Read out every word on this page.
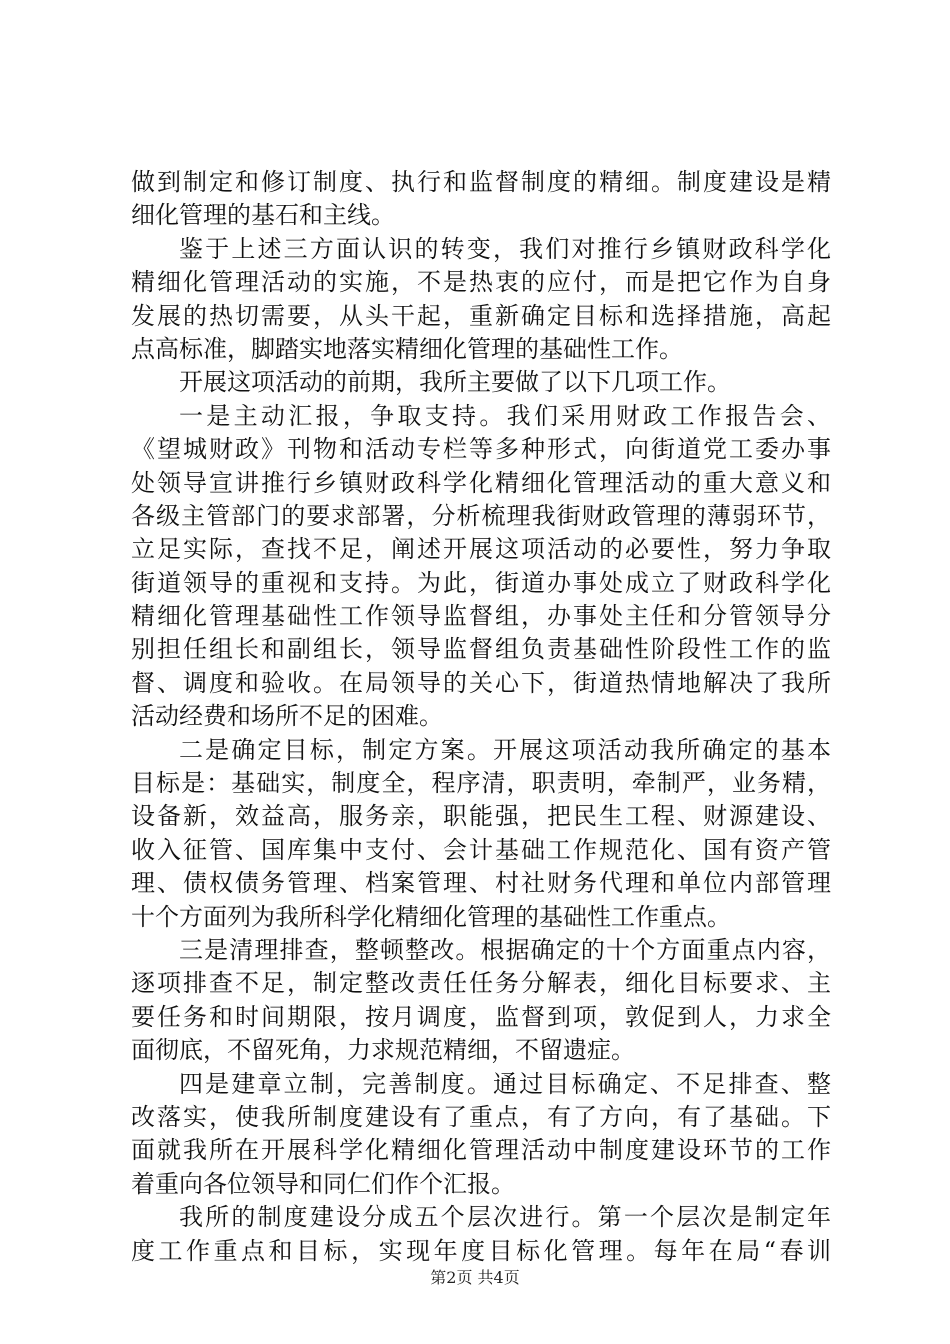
做到制定和修订制度、执行和监督制度的精细。制度建设是精
细化管理的基石和主线。
鉴于上述三方面认识的转变，我们对推行乡镇财政科学化
精细化管理活动的实施，不是热衷的应付，而是把它作为自身
发展的热切需要，从头干起，重新确定目标和选择措施，高起
点高标准，脚踏实地落实精细化管理的基础性工作。
开展这项活动的前期，我所主要做了以下几项工作。
一是主动汇报，争取支持。我们采用财政工作报告会、
《望城财政》刊物和活动专栏等多种形式，向街道党工委办事
处领导宣讲推行乡镇财政科学化精细化管理活动的重大意义和
各级主管部门的要求部署，分析梳理我街财政管理的薄弱环节，
立足实际，查找不足，阐述开展这项活动的必要性，努力争取
街道领导的重视和支持。为此，街道办事处成立了财政科学化
精细化管理基础性工作领导监督组，办事处主任和分管领导分
别担任组长和副组长，领导监督组负责基础性阶段性工作的监
督、调度和验收。在局领导的关心下，街道热情地解决了我所
活动经费和场所不足的困难。
二是确定目标，制定方案。开展这项活动我所确定的基本
目标是：基础实，制度全，程序清，职责明，牵制严，业务精，
设备新，效益高，服务亲，职能强，把民生工程、财源建设、
收入征管、国库集中支付、会计基础工作规范化、国有资产管
理、债权债务管理、档案管理、村社财务代理和单位内部管理
十个方面列为我所科学化精细化管理的基础性工作重点。
三是清理排查，整顿整改。根据确定的十个方面重点内容，
逐项排查不足，制定整改责任任务分解表，细化目标要求、主
要任务和时间期限，按月调度，监督到项，敦促到人，力求全
面彻底，不留死角，力求规范精细，不留遗症。
四是建章立制，完善制度。通过目标确定、不足排查、整
改落实，使我所制度建设有了重点，有了方向，有了基础。下
面就我所在开展科学化精细化管理活动中制度建设环节的工作
着重向各位领导和同仁们作个汇报。
我所的制度建设分成五个层次进行。第一个层次是制定年
度工作重点和目标，实现年度目标化管理。每年在局“春训
第2页 共4页
